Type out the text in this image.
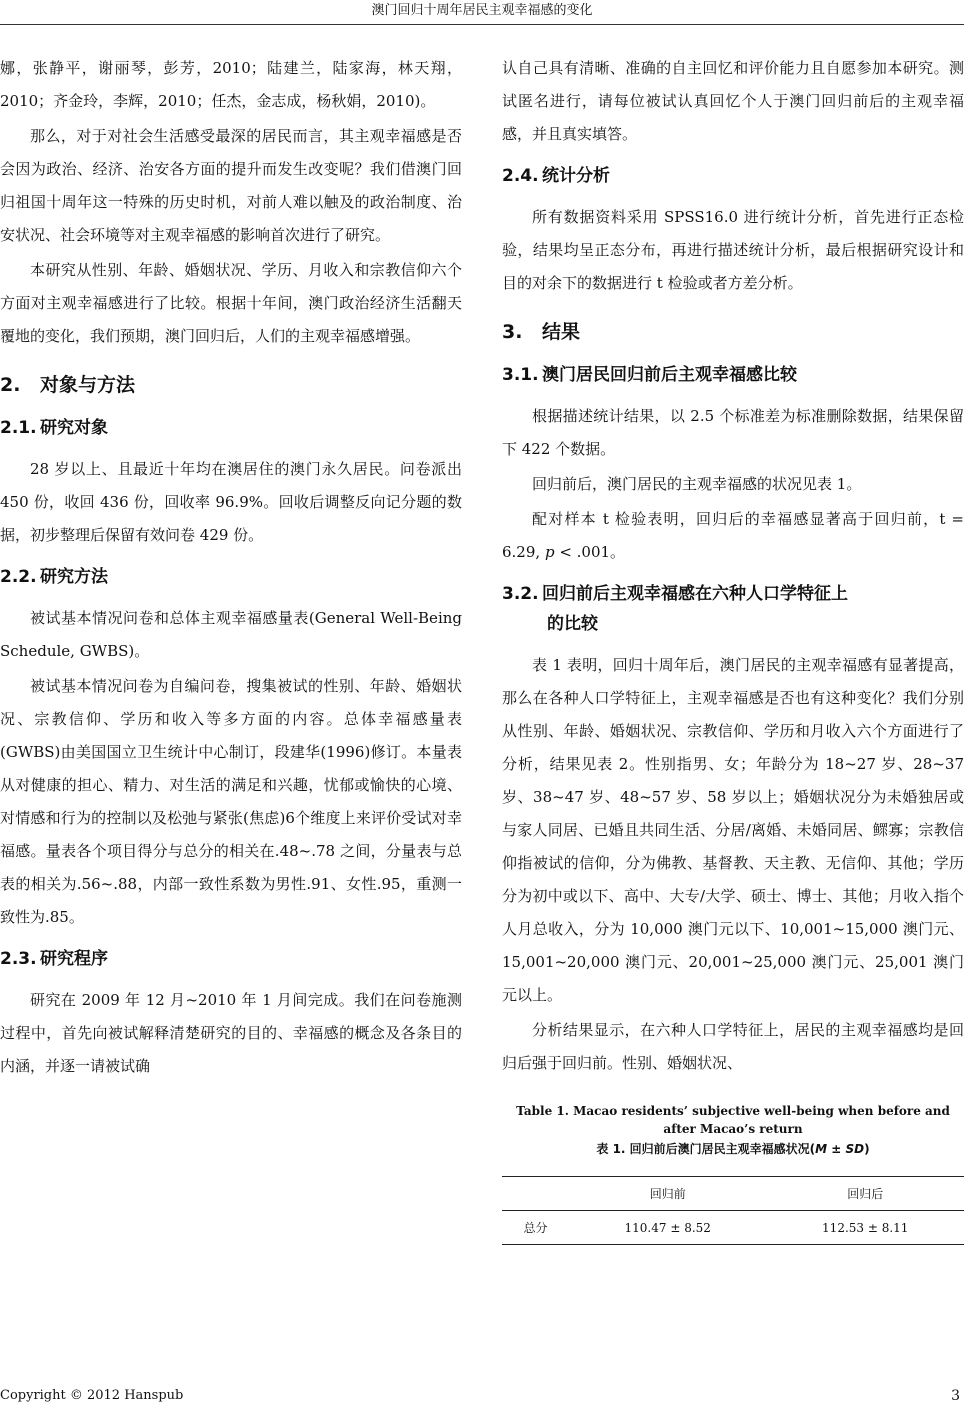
澳门回归十周年居民主观幸福感的变化

娜，张静平，谢丽琴，彭芳，2010；陆建兰，陆家海，林天翔，2010；齐金玲，李辉，2010；任杰，金志成，杨秋娟，2010)。

那么，对于对社会生活感受最深的居民而言，其主观幸福感是否会因为政治、经济、治安各方面的提升而发生改变呢？我们借澳门回归祖国十周年这一特殊的历史时机，对前人难以触及的政治制度、治安状况、社会环境等对主观幸福感的影响首次进行了研究。

本研究从性别、年龄、婚姻状况、学历、月收入和宗教信仰六个方面对主观幸福感进行了比较。根据十年间，澳门政治经济生活翻天覆地的变化，我们预期，澳门回归后，人们的主观幸福感增强。

2. 对象与方法
2.1. 研究对象

28 岁以上、且最近十年均在澳居住的澳门永久居民。问卷派出 450 份，收回 436 份，回收率 96.9%。回收后调整反向记分题的数据，初步整理后保留有效问卷 429 份。

2.2. 研究方法

被试基本情况问卷和总体主观幸福感量表(General Well-Being Schedule, GWBS)。

被试基本情况问卷为自编问卷，搜集被试的性别、年龄、婚姻状况、宗教信仰、学历和收入等多方面的内容。总体幸福感量表(GWBS)由美国国立卫生统计中心制订，段建华(1996)修订。本量表从对健康的担心、精力、对生活的满足和兴趣，忧郁或愉快的心境、对情感和行为的控制以及松弛与紧张(焦虑)6个维度上来评价受试对幸福感。量表各个项目得分与总分的相关在.48~.78 之间，分量表与总表的相关为.56~.88，内部一致性系数为男性.91、女性.95，重测一致性为.85。

2.3. 研究程序

研究在 2009 年 12 月~2010 年 1 月间完成。我们在问卷施测过程中，首先向被试解释清楚研究的目的、幸福感的概念及各条目的内涵，并逐一请被试确

认自己具有清晰、准确的自主回忆和评价能力且自愿参加本研究。测试匿名进行，请每位被试认真回忆个人于澳门回归前后的主观幸福感，并且真实填答。

2.4. 统计分析

所有数据资料采用 SPSS16.0 进行统计分析，首先进行正态检验，结果均呈正态分布，再进行描述统计分析，最后根据研究设计和目的对余下的数据进行 t 检验或者方差分析。

3. 结果
3.1. 澳门居民回归前后主观幸福感比较

根据描述统计结果，以 2.5 个标准差为标准删除数据，结果保留下 422 个数据。

回归前后，澳门居民的主观幸福感的状况见表 1。

配对样本 t 检验表明，回归后的幸福感显著高于回归前，t = 6.29, p < .001。

3.2. 回归前后主观幸福感在六种人口学特征上
的比较

表 1 表明，回归十周年后，澳门居民的主观幸福感有显著提高，那么在各种人口学特征上，主观幸福感是否也有这种变化？我们分别从性别、年龄、婚姻状况、宗教信仰、学历和月收入六个方面进行了分析，结果见表 2。性别指男、女；年龄分为 18~27 岁、28~37 岁、38~47 岁、48~57 岁、58 岁以上；婚姻状况分为未婚独居或与家人同居、已婚且共同生活、分居/离婚、未婚同居、鳏寡；宗教信仰指被试的信仰，分为佛教、基督教、天主教、无信仰、其他；学历分为初中或以下、高中、大专/大学、硕士、博士、其他；月收入指个人月总收入，分为 10,000 澳门元以下、10,001~15,000 澳门元、15,001~20,000 澳门元、20,001~25,000 澳门元、25,001 澳门元以上。

分析结果显示，在六种人口学特征上，居民的主观幸福感均是回归后强于回归前。性别、婚姻状况、

Table 1. Macao residents’ subjective well-being when before and after Macao’s return
表 1. 回归前后澳门居民主观幸福感状况(M ± SD)
	回归前	回归后
总分	110.47 ± 8.52	112.53 ± 8.11
Copyright © 2012 Hanspub	3
